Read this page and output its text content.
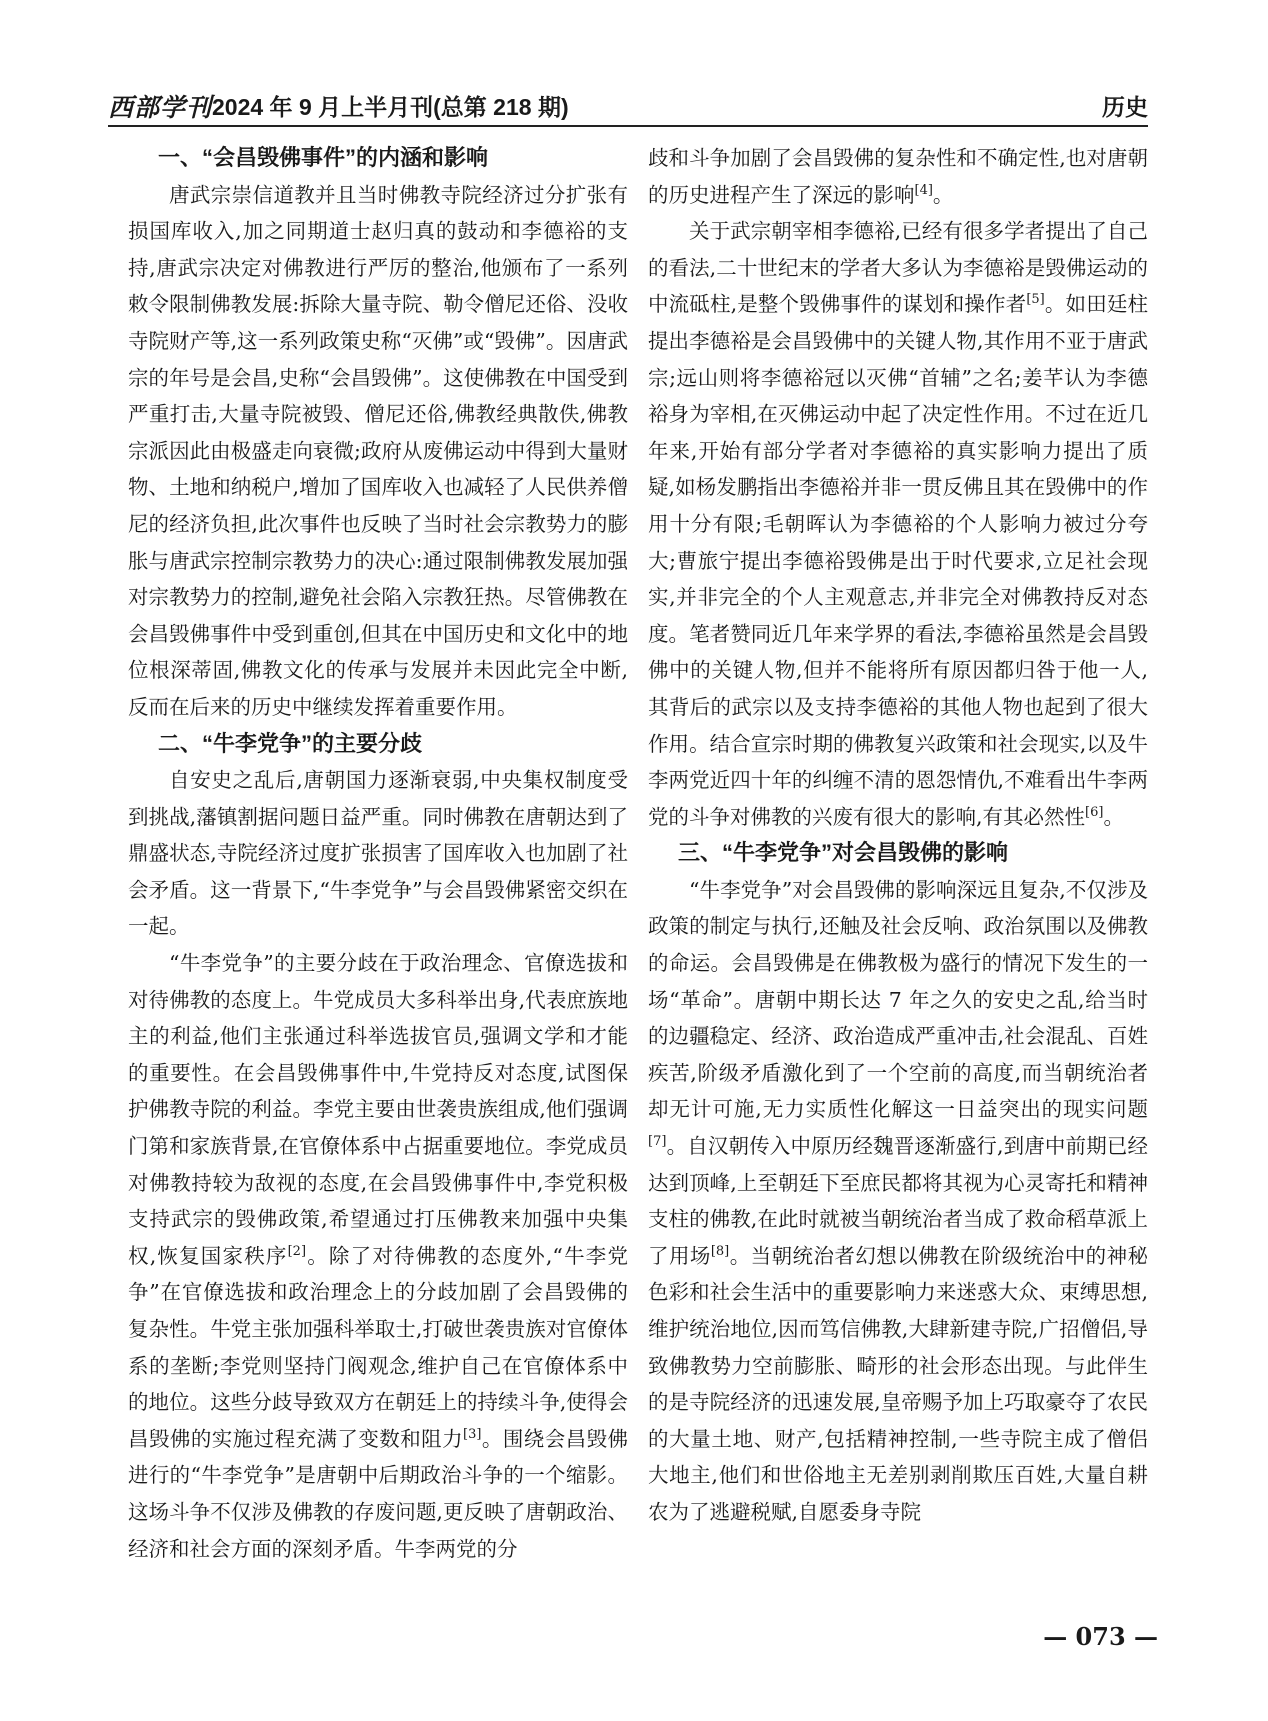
西部学刊 2024 年 9 月上半月刊(总第 218 期)	历史
一、“会昌毁佛事件”的内涵和影响

唐武宗崇信道教并且当时佛教寺院经济过分扩张有损国库收入,加之同期道士赵归真的鼓动和李德裕的支持,唐武宗决定对佛教进行严厉的整治,他颁布了一系列敕令限制佛教发展:拆除大量寺院、勒令僧尼还俗、没收寺院财产等,这一系列政策史称“灭佛”或“毁佛”。因唐武宗的年号是会昌,史称“会昌毁佛”。这使佛教在中国受到严重打击,大量寺院被毁、僧尼还俗,佛教经典散佚,佛教宗派因此由极盛走向衰微;政府从废佛运动中得到大量财物、土地和纳税户,增加了国库收入也减轻了人民供养僧尼的经济负担,此次事件也反映了当时社会宗教势力的膨胀与唐武宗控制宗教势力的决心:通过限制佛教发展加强对宗教势力的控制,避免社会陷入宗教狂热。尽管佛教在会昌毁佛事件中受到重创,但其在中国历史和文化中的地位根深蒂固,佛教文化的传承与发展并未因此完全中断,反而在后来的历史中继续发挥着重要作用。

二、“牛李党争”的主要分歧

自安史之乱后,唐朝国力逐渐衰弱,中央集权制度受到挑战,藩镇割据问题日益严重。同时佛教在唐朝达到了鼎盛状态,寺院经济过度扩张损害了国库收入也加剧了社会矛盾。这一背景下,“牛李党争”与会昌毁佛紧密交织在一起。

“牛李党争”的主要分歧在于政治理念、官僚选拔和对待佛教的态度上。牛党成员大多科举出身,代表庶族地主的利益,他们主张通过科举选拔官员,强调文学和才能的重要性。在会昌毁佛事件中,牛党持反对态度,试图保护佛教寺院的利益。李党主要由世袭贵族组成,他们强调门第和家族背景,在官僚体系中占据重要地位。李党成员对佛教持较为敌视的态度,在会昌毁佛事件中,李党积极支持武宗的毁佛政策,希望通过打压佛教来加强中央集权,恢复国家秩序[2]。除了对待佛教的态度外,“牛李党争”在官僚选拔和政治理念上的分歧加剧了会昌毁佛的复杂性。牛党主张加强科举取士,打破世袭贵族对官僚体系的垄断;李党则坚持门阀观念,维护自己在官僚体系中的地位。这些分歧导致双方在朝廷上的持续斗争,使得会昌毁佛的实施过程充满了变数和阻力[3]。围绕会昌毁佛进行的“牛李党争”是唐朝中后期政治斗争的一个缩影。这场斗争不仅涉及佛教的存废问题,更反映了唐朝政治、经济和社会方面的深刻矛盾。牛李两党的分

歧和斗争加剧了会昌毁佛的复杂性和不确定性,也对唐朝的历史进程产生了深远的影响[4]。

关于武宗朝宰相李德裕,已经有很多学者提出了自己的看法,二十世纪末的学者大多认为李德裕是毁佛运动的中流砥柱,是整个毁佛事件的谋划和操作者[5]。如田廷柱提出李德裕是会昌毁佛中的关键人物,其作用不亚于唐武宗;远山则将李德裕冠以灭佛“首辅”之名;姜芊认为李德裕身为宰相,在灭佛运动中起了决定性作用。不过在近几年来,开始有部分学者对李德裕的真实影响力提出了质疑,如杨发鹏指出李德裕并非一贯反佛且其在毁佛中的作用十分有限;毛朝晖认为李德裕的个人影响力被过分夸大;曹旅宁提出李德裕毁佛是出于时代要求,立足社会现实,并非完全的个人主观意志,并非完全对佛教持反对态度。笔者赞同近几年来学界的看法,李德裕虽然是会昌毁佛中的关键人物,但并不能将所有原因都归咎于他一人,其背后的武宗以及支持李德裕的其他人物也起到了很大作用。结合宣宗时期的佛教复兴政策和社会现实,以及牛李两党近四十年的纠缠不清的恩怨情仇,不难看出牛李两党的斗争对佛教的兴废有很大的影响,有其必然性[6]。

三、“牛李党争”对会昌毁佛的影响

“牛李党争”对会昌毁佛的影响深远且复杂,不仅涉及政策的制定与执行,还触及社会反响、政治氛围以及佛教的命运。会昌毁佛是在佛教极为盛行的情况下发生的一场“革命”。唐朝中期长达 7 年之久的安史之乱,给当时的边疆稳定、经济、政治造成严重冲击,社会混乱、百姓疾苦,阶级矛盾激化到了一个空前的高度,而当朝统治者却无计可施,无力实质性化解这一日益突出的现实问题[7]。自汉朝传入中原历经魏晋逐渐盛行,到唐中前期已经达到顶峰,上至朝廷下至庶民都将其视为心灵寄托和精神支柱的佛教,在此时就被当朝统治者当成了救命稻草派上了用场[8]。当朝统治者幻想以佛教在阶级统治中的神秘色彩和社会生活中的重要影响力来迷惑大众、束缚思想,维护统治地位,因而笃信佛教,大肆新建寺院,广招僧侣,导致佛教势力空前膨胀、畸形的社会形态出现。与此伴生的是寺院经济的迅速发展,皇帝赐予加上巧取豪夺了农民的大量土地、财产,包括精神控制,一些寺院主成了僧侣大地主,他们和世俗地主无差别剥削欺压百姓,大量自耕农为了逃避税赋,自愿委身寺院

— 073 —
